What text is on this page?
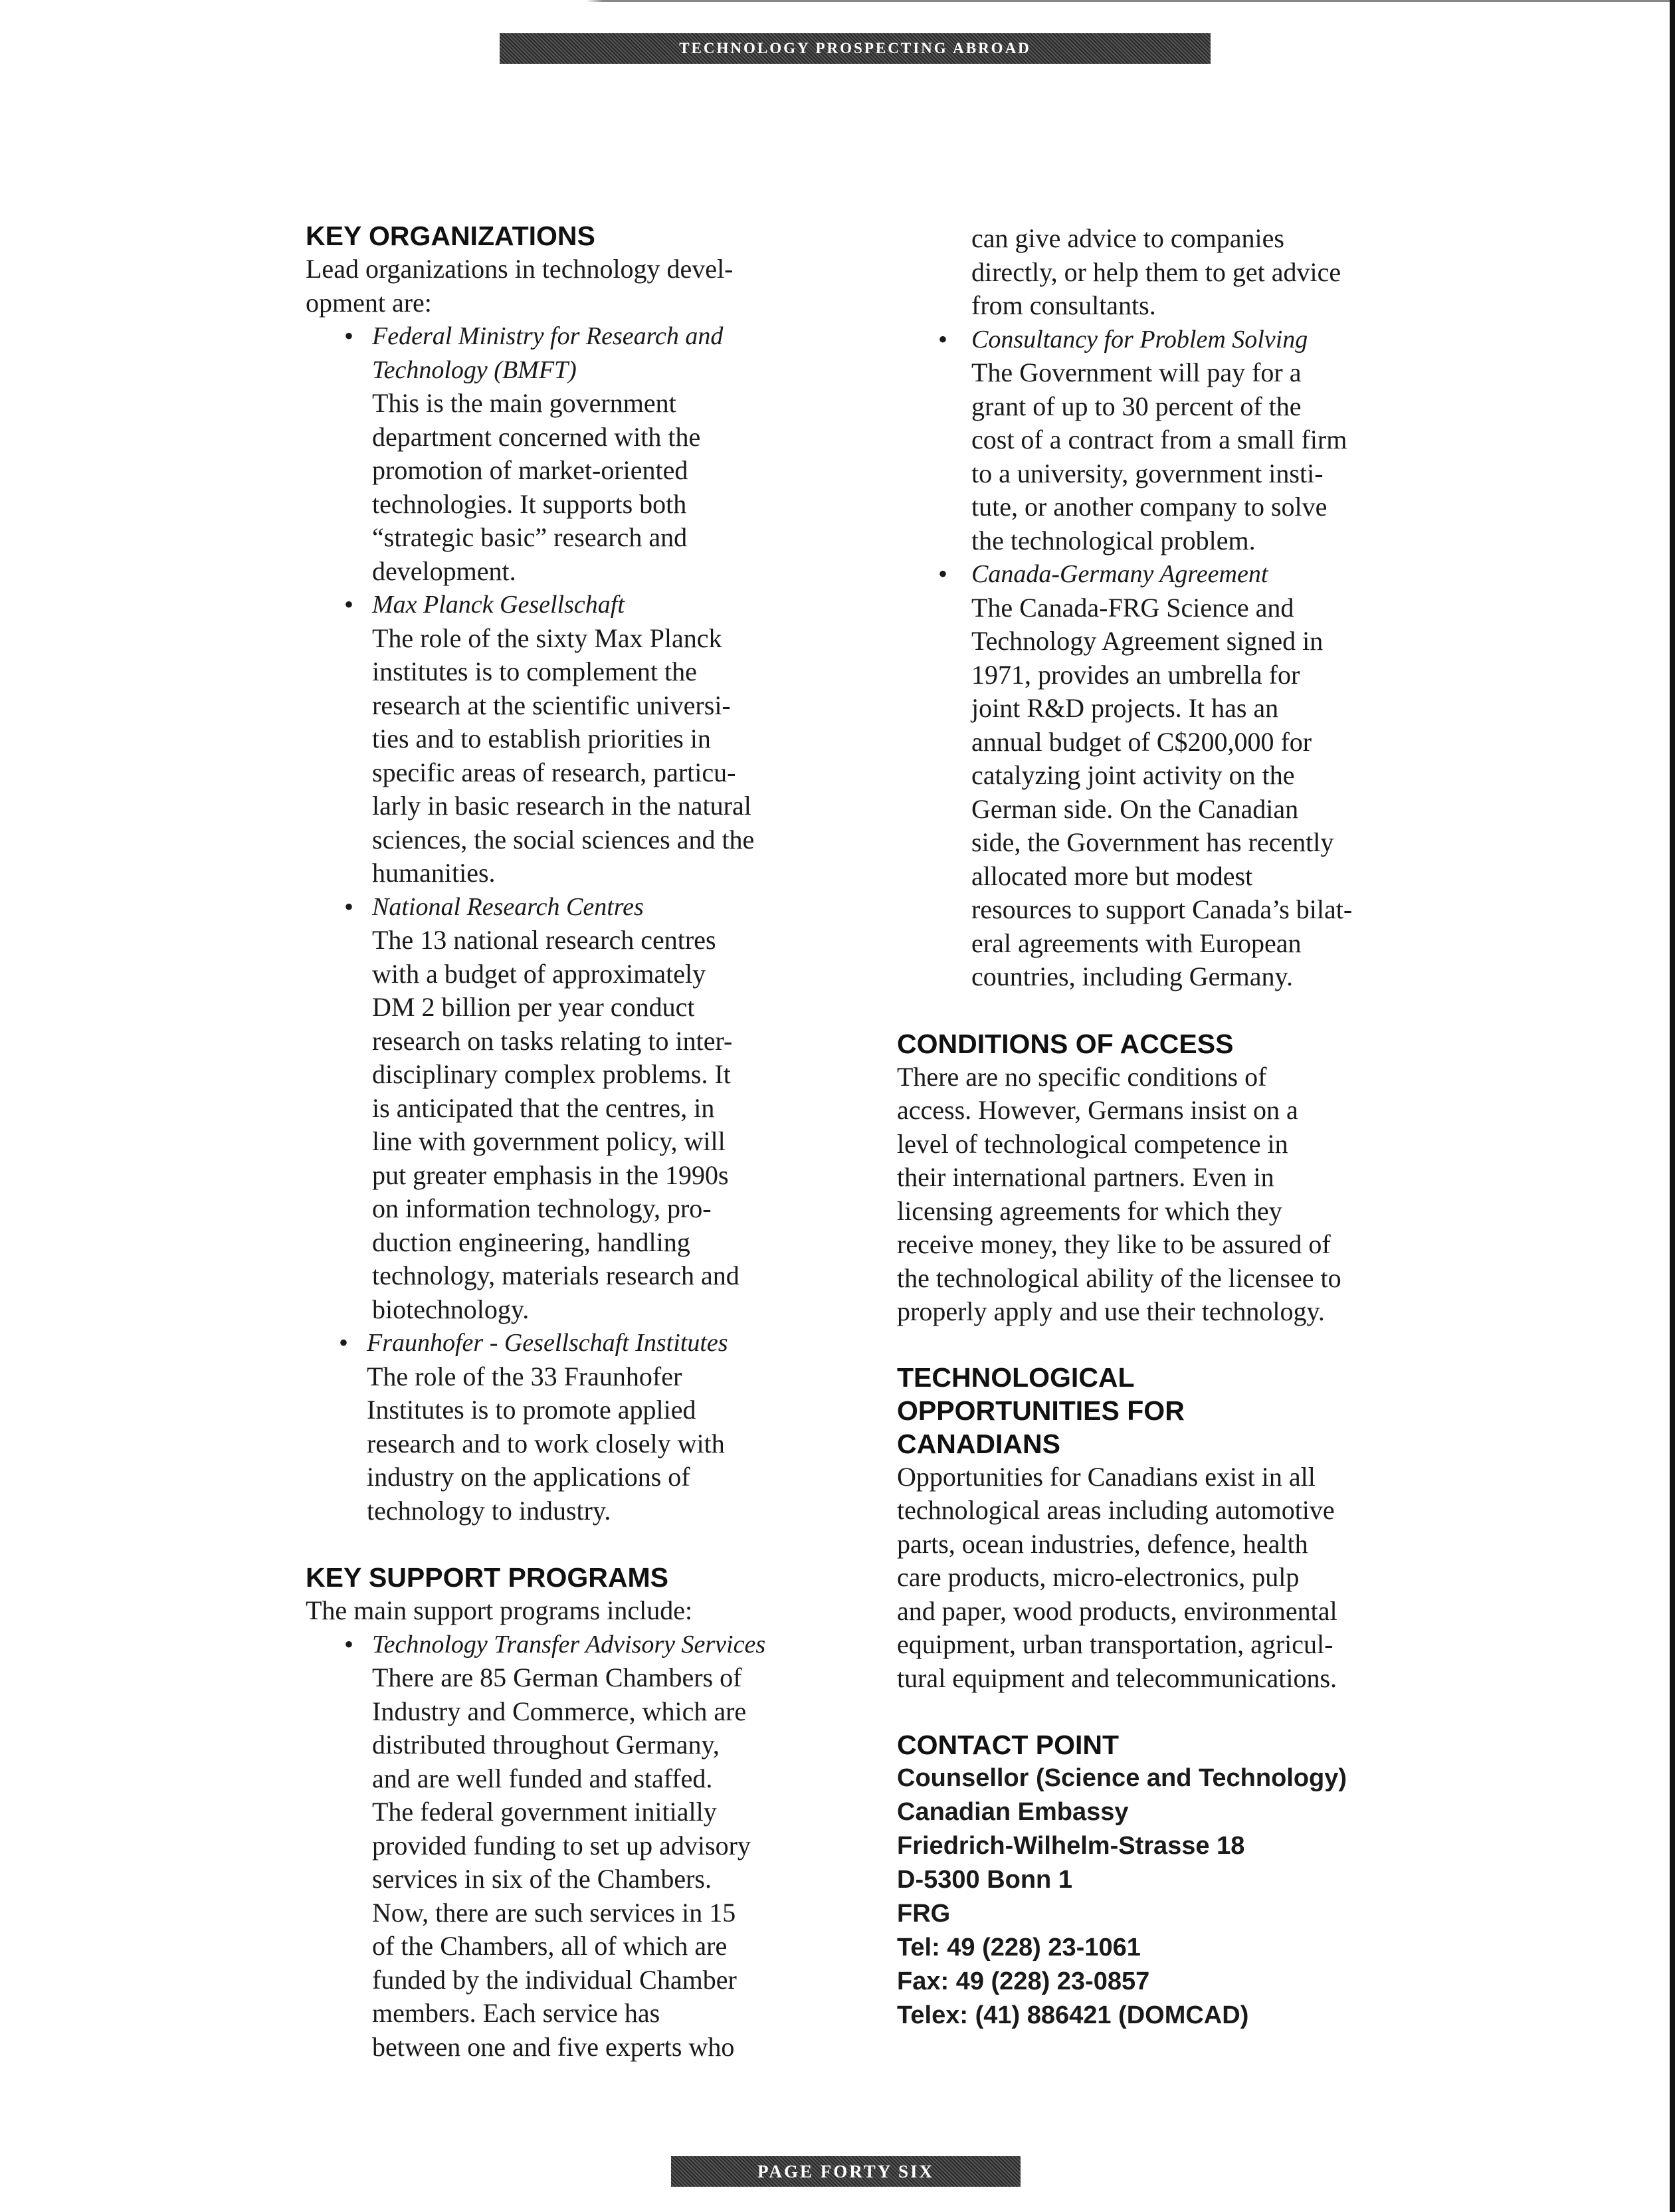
TECHNOLOGY PROSPECTING ABROAD
KEY ORGANIZATIONS

Lead organizations in technology devel-
opment are:

• Federal Ministry for Research and
Technology (BMFT)
This is the main government
department concerned with the
promotion of market-oriented
technologies. It supports both
“strategic basic” research and
development.
• Max Planck Gesellschaft
The role of the sixty Max Planck
institutes is to complement the
research at the scientific universi-
ties and to establish priorities in
specific areas of research, particu-
larly in basic research in the natural
sciences, the social sciences and the
humanities.
• National Research Centres
The 13 national research centres
with a budget of approximately
DM 2 billion per year conduct
research on tasks relating to inter-
disciplinary complex problems. It
is anticipated that the centres, in
line with government policy, will
put greater emphasis in the 1990s
on information technology, pro-
duction engineering, handling
technology, materials research and
biotechnology.
• Fraunhofer - Gesellschaft Institutes
The role of the 33 Fraunhofer
Institutes is to promote applied
research and to work closely with
industry on the applications of
technology to industry.
KEY SUPPORT PROGRAMS

The main support programs include:

• Technology Transfer Advisory Services
There are 85 German Chambers of
Industry and Commerce, which are
distributed throughout Germany,
and are well funded and staffed.
The federal government initially
provided funding to set up advisory
services in six of the Chambers.
Now, there are such services in 15
of the Chambers, all of which are
funded by the individual Chamber
members. Each service has
between one and five experts who
can give advice to companies
directly, or help them to get advice
from consultants.
• Consultancy for Problem Solving
The Government will pay for a
grant of up to 30 percent of the
cost of a contract from a small firm
to a university, government insti-
tute, or another company to solve
the technological problem.
• Canada-Germany Agreement
The Canada-FRG Science and
Technology Agreement signed in
1971, provides an umbrella for
joint R&D projects. It has an
annual budget of C$200,000 for
catalyzing joint activity on the
German side. On the Canadian
side, the Government has recently
allocated more but modest
resources to support Canada’s bilat-
eral agreements with European
countries, including Germany.
CONDITIONS OF ACCESS

There are no specific conditions of
access. However, Germans insist on a
level of technological competence in
their international partners. Even in
licensing agreements for which they
receive money, they like to be assured of
the technological ability of the licensee to
properly apply and use their technology.

TECHNOLOGICAL
OPPORTUNITIES FOR
CANADIANS

Opportunities for Canadians exist in all
technological areas including automotive
parts, ocean industries, defence, health
care products, micro-electronics, pulp
and paper, wood products, environmental
equipment, urban transportation, agricul-
tural equipment and telecommunications.

CONTACT POINT

Counsellor (Science and Technology)
Canadian Embassy
Friedrich-Wilhelm-Strasse 18
D-5300 Bonn 1
FRG
Tel: 49 (228) 23-1061
Fax: 49 (228) 23-0857
Telex: (41) 886421 (DOMCAD)

PAGE FORTY SIX
